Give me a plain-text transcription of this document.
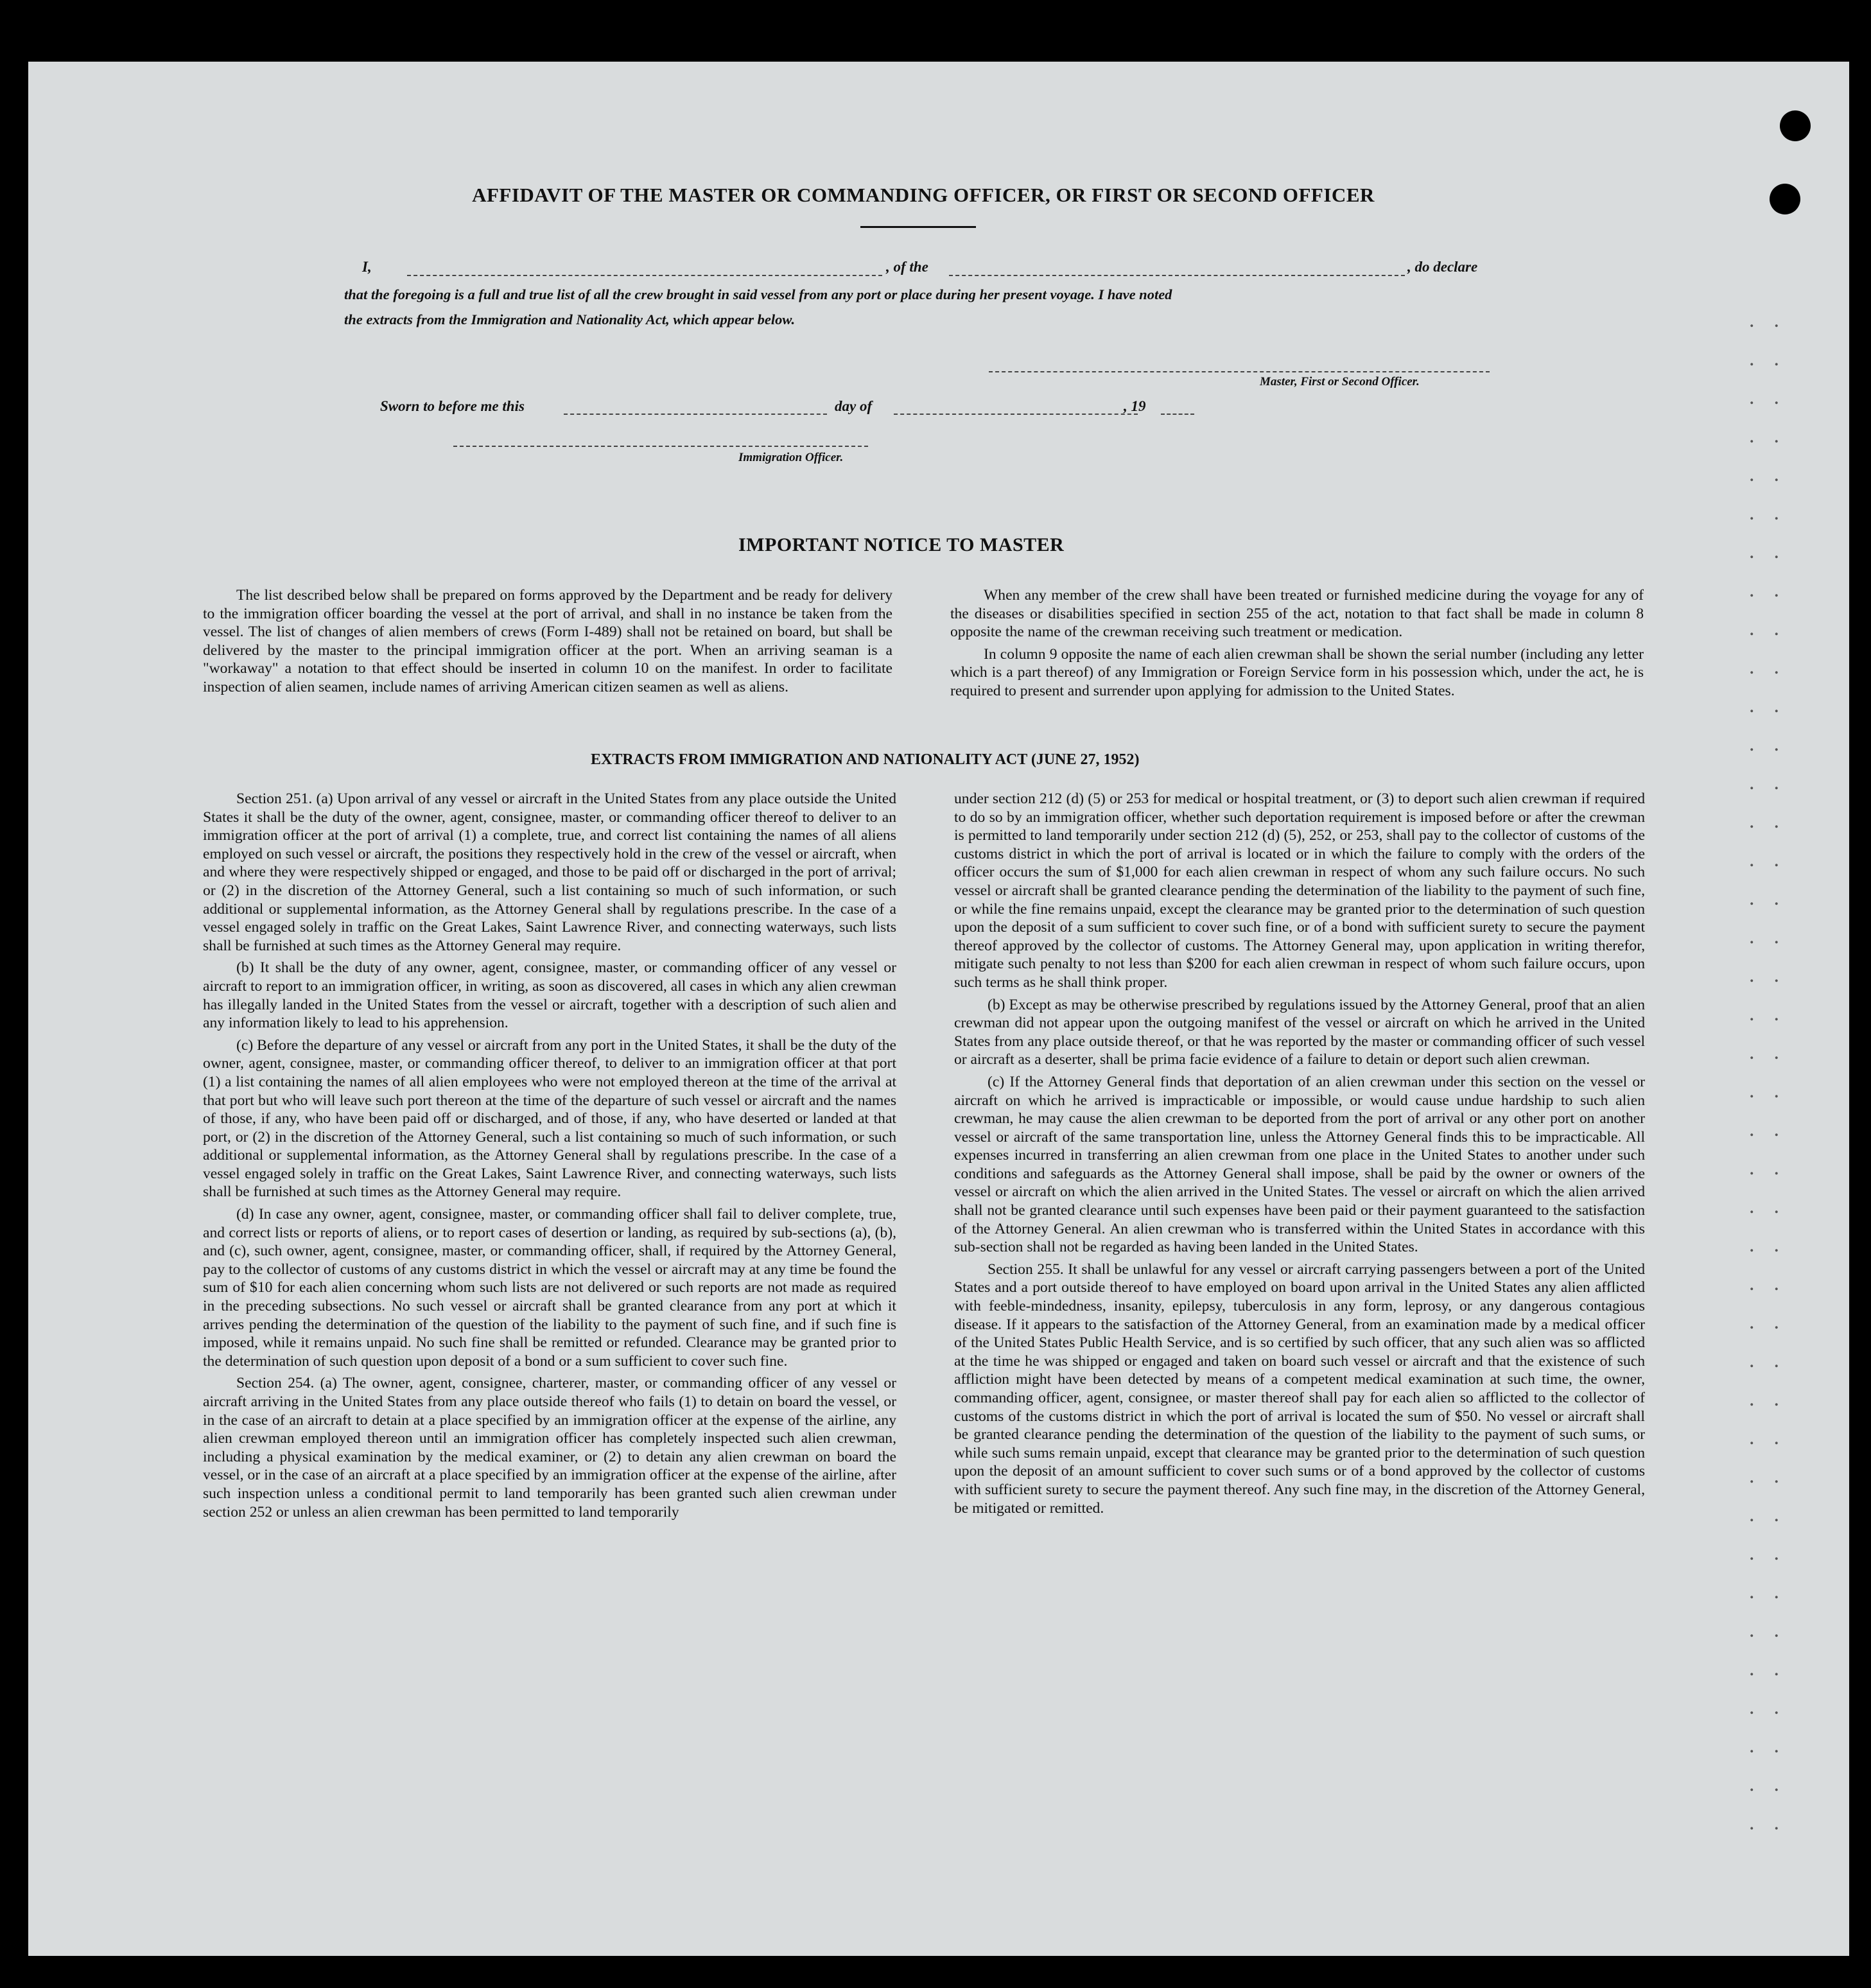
..
..
..
..
..
..
..
..
..
..
..
..
..
..
..
..
..
..
..
..
..
..
..
..
..
..
..
..
..
..
..
..
..
..
..
..
..
..
..
..
AFFIDAVIT OF THE MASTER OR COMMANDING OFFICER, OR FIRST OR SECOND OFFICER
I,	, of the	, do declare
that the foregoing is a full and true list of all the crew brought in said vessel from any port or place during her present voyage. I have noted
the extracts from the Immigration and Nationality Act, which appear below.
Master, First or Second Officer.
Sworn to before me this	day of	, 19
Immigration Officer.
IMPORTANT NOTICE TO MASTER

The list described below shall be prepared on forms approved by the Department and be ready for delivery to the immigration officer boarding the vessel at the port of arrival, and shall in no instance be taken from the vessel. The list of changes of alien members of crews (Form I-489) shall not be retained on board, but shall be delivered by the master to the principal immigration officer at the port. When an arriving seaman is a "workaway" a notation to that effect should be inserted in column 10 on the manifest. In order to facilitate inspection of alien seamen, include names of arriving American citizen seamen as well as aliens.

When any member of the crew shall have been treated or furnished medicine during the voyage for any of the diseases or disabilities specified in section 255 of the act, notation to that fact shall be made in column 8 opposite the name of the crewman receiving such treatment or medication.

In column 9 opposite the name of each alien crewman shall be shown the serial number (including any letter which is a part thereof) of any Immigration or Foreign Service form in his possession which, under the act, he is required to present and surrender upon applying for admission to the United States.

EXTRACTS FROM IMMIGRATION AND NATIONALITY ACT (JUNE 27, 1952)

Section 251. (a) Upon arrival of any vessel or aircraft in the United States from any place outside the United States it shall be the duty of the owner, agent, consignee, master, or commanding officer thereof to deliver to an immigration officer at the port of arrival (1) a complete, true, and correct list containing the names of all aliens employed on such vessel or aircraft, the positions they respectively hold in the crew of the vessel or aircraft, when and where they were respectively shipped or engaged, and those to be paid off or discharged in the port of arrival; or (2) in the discretion of the Attorney General, such a list containing so much of such information, or such additional or supplemental information, as the Attorney General shall by regulations prescribe. In the case of a vessel engaged solely in traffic on the Great Lakes, Saint Lawrence River, and connecting waterways, such lists shall be furnished at such times as the Attorney General may require.

(b) It shall be the duty of any owner, agent, consignee, master, or commanding officer of any vessel or aircraft to report to an immigration officer, in writing, as soon as discovered, all cases in which any alien crewman has illegally landed in the United States from the vessel or aircraft, together with a description of such alien and any information likely to lead to his apprehension.

(c) Before the departure of any vessel or aircraft from any port in the United States, it shall be the duty of the owner, agent, consignee, master, or commanding officer thereof, to deliver to an immigration officer at that port (1) a list containing the names of all alien employees who were not employed thereon at the time of the arrival at that port but who will leave such port thereon at the time of the departure of such vessel or aircraft and the names of those, if any, who have been paid off or discharged, and of those, if any, who have deserted or landed at that port, or (2) in the discretion of the Attorney General, such a list containing so much of such information, or such additional or supplemental information, as the Attorney General shall by regulations prescribe. In the case of a vessel engaged solely in traffic on the Great Lakes, Saint Lawrence River, and connecting waterways, such lists shall be furnished at such times as the Attorney General may require.

(d) In case any owner, agent, consignee, master, or commanding officer shall fail to deliver complete, true, and correct lists or reports of aliens, or to report cases of desertion or landing, as required by sub-sections (a), (b), and (c), such owner, agent, consignee, master, or commanding officer, shall, if required by the Attorney General, pay to the collector of customs of any customs district in which the vessel or aircraft may at any time be found the sum of $10 for each alien concerning whom such lists are not delivered or such reports are not made as required in the preceding subsections. No such vessel or aircraft shall be granted clearance from any port at which it arrives pending the determination of the question of the liability to the payment of such fine, and if such fine is imposed, while it remains unpaid. No such fine shall be remitted or refunded. Clearance may be granted prior to the determination of such question upon deposit of a bond or a sum sufficient to cover such fine.

Section 254. (a) The owner, agent, consignee, charterer, master, or commanding officer of any vessel or aircraft arriving in the United States from any place outside thereof who fails (1) to detain on board the vessel, or in the case of an aircraft to detain at a place specified by an immigration officer at the expense of the airline, any alien crewman employed thereon until an immigration officer has completely inspected such alien crewman, including a physical examination by the medical examiner, or (2) to detain any alien crewman on board the vessel, or in the case of an aircraft at a place specified by an immigration officer at the expense of the airline, after such inspection unless a conditional permit to land temporarily has been granted such alien crewman under section 252 or unless an alien crewman has been permitted to land temporarily

under section 212 (d) (5) or 253 for medical or hospital treatment, or (3) to deport such alien crewman if required to do so by an immigration officer, whether such deportation requirement is imposed before or after the crewman is permitted to land temporarily under section 212 (d) (5), 252, or 253, shall pay to the collector of customs of the customs district in which the port of arrival is located or in which the failure to comply with the orders of the officer occurs the sum of $1,000 for each alien crewman in respect of whom any such failure occurs. No such vessel or aircraft shall be granted clearance pending the determination of the liability to the payment of such fine, or while the fine remains unpaid, except the clearance may be granted prior to the determination of such question upon the deposit of a sum sufficient to cover such fine, or of a bond with sufficient surety to secure the payment thereof approved by the collector of customs. The Attorney General may, upon application in writing therefor, mitigate such penalty to not less than $200 for each alien crewman in respect of whom such failure occurs, upon such terms as he shall think proper.

(b) Except as may be otherwise prescribed by regulations issued by the Attorney General, proof that an alien crewman did not appear upon the outgoing manifest of the vessel or aircraft on which he arrived in the United States from any place outside thereof, or that he was reported by the master or commanding officer of such vessel or aircraft as a deserter, shall be prima facie evidence of a failure to detain or deport such alien crewman.

(c) If the Attorney General finds that deportation of an alien crewman under this section on the vessel or aircraft on which he arrived is impracticable or impossible, or would cause undue hardship to such alien crewman, he may cause the alien crewman to be deported from the port of arrival or any other port on another vessel or aircraft of the same transportation line, unless the Attorney General finds this to be impracticable. All expenses incurred in transferring an alien crewman from one place in the United States to another under such conditions and safeguards as the Attorney General shall impose, shall be paid by the owner or owners of the vessel or aircraft on which the alien arrived in the United States. The vessel or aircraft on which the alien arrived shall not be granted clearance until such expenses have been paid or their payment guaranteed to the satisfaction of the Attorney General. An alien crewman who is transferred within the United States in accordance with this sub-section shall not be regarded as having been landed in the United States.

Section 255. It shall be unlawful for any vessel or aircraft carrying passengers between a port of the United States and a port outside thereof to have employed on board upon arrival in the United States any alien afflicted with feeble-mindedness, insanity, epilepsy, tuberculosis in any form, leprosy, or any dangerous contagious disease. If it appears to the satisfaction of the Attorney General, from an examination made by a medical officer of the United States Public Health Service, and is so certified by such officer, that any such alien was so afflicted at the time he was shipped or engaged and taken on board such vessel or aircraft and that the existence of such affliction might have been detected by means of a competent medical examination at such time, the owner, commanding officer, agent, consignee, or master thereof shall pay for each alien so afflicted to the collector of customs of the customs district in which the port of arrival is located the sum of $50. No vessel or aircraft shall be granted clearance pending the determination of the question of the liability to the payment of such sums, or while such sums remain unpaid, except that clearance may be granted prior to the determination of such question upon the deposit of an amount sufficient to cover such sums or of a bond approved by the collector of customs with sufficient surety to secure the payment thereof. Any such fine may, in the discretion of the Attorney General, be mitigated or remitted.
